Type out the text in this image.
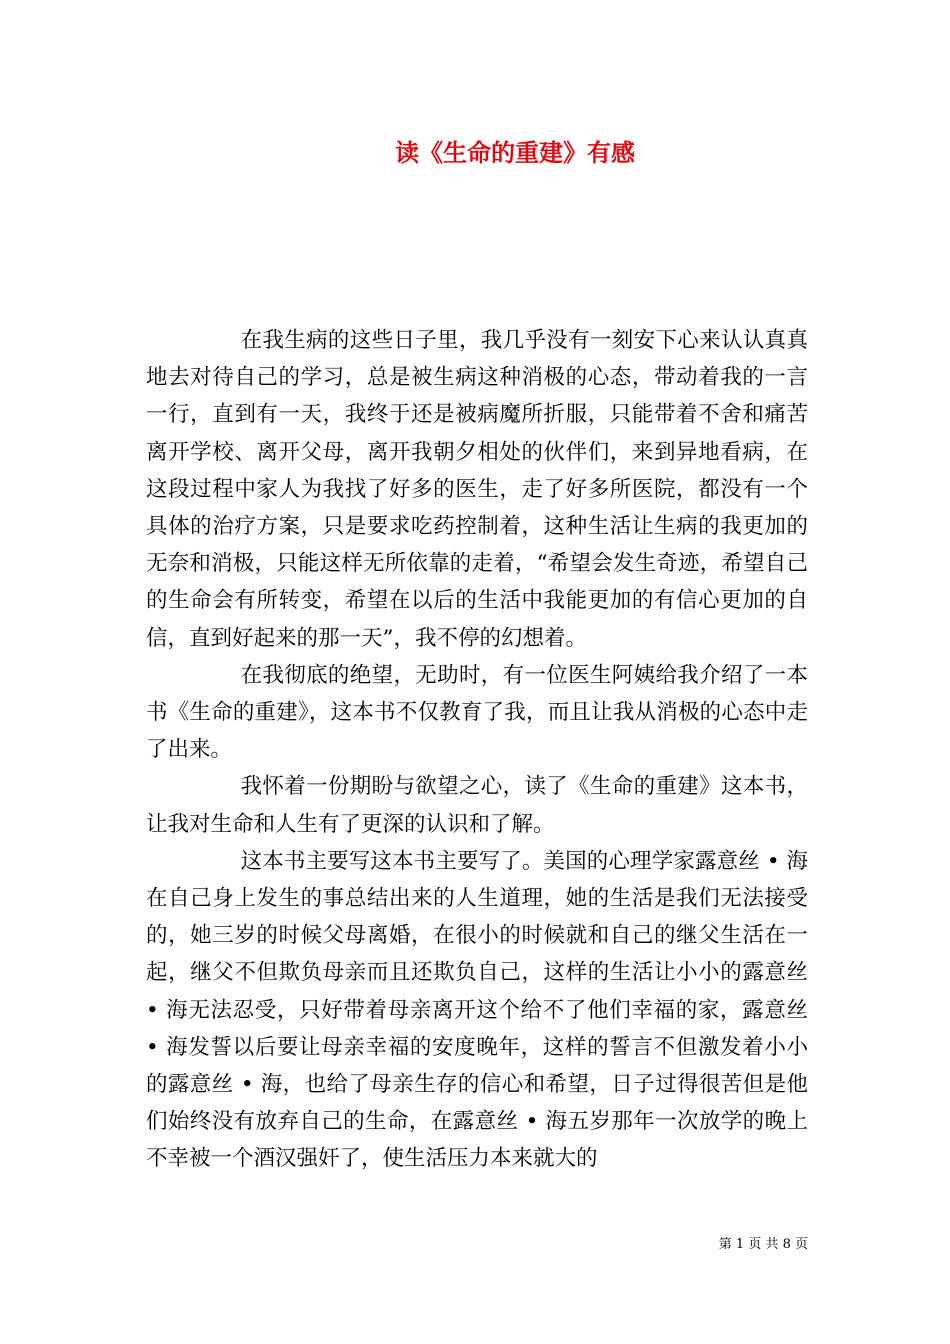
读《生命的重建》有感

在我生病的这些日子里，我几乎没有一刻安下心来认认真真地去对待自己的学习，总是被生病这种消极的心态，带动着我的一言一行，直到有一天，我终于还是被病魔所折服，只能带着不舍和痛苦离开学校、离开父母，离开我朝夕相处的伙伴们，来到异地看病，在这段过程中家人为我找了好多的医生，走了好多所医院，都没有一个具体的治疗方案，只是要求吃药控制着，这种生活让生病的我更加的无奈和消极，只能这样无所依靠的走着，“希望会发生奇迹，希望自己的生命会有所转变，希望在以后的生活中我能更加的有信心更加的自信，直到好起来的那一天”，我不停的幻想着。

在我彻底的绝望，无助时，有一位医生阿姨给我介绍了一本书《生命的重建》，这本书不仅教育了我，而且让我从消极的心态中走了出来。

我怀着一份期盼与欲望之心，读了《生命的重建》这本书，让我对生命和人生有了更深的认识和了解。

这本书主要写这本书主要写了。美国的心理学家露意丝 • 海在自己身上发生的事总结出来的人生道理，她的生活是我们无法接受的，她三岁的时候父母离婚，在很小的时候就和自己的继父生活在一起，继父不但欺负母亲而且还欺负自己，这样的生活让小小的露意丝 • 海无法忍受，只好带着母亲离开这个给不了他们幸福的家，露意丝 • 海发誓以后要让母亲幸福的安度晚年，这样的誓言不但激发着小小的露意丝 • 海，也给了母亲生存的信心和希望，日子过得很苦但是他们始终没有放弃自己的生命，在露意丝 • 海五岁那年一次放学的晚上不幸被一个酒汉强奸了，使生活压力本来就大的

第 1 页 共 8 页
